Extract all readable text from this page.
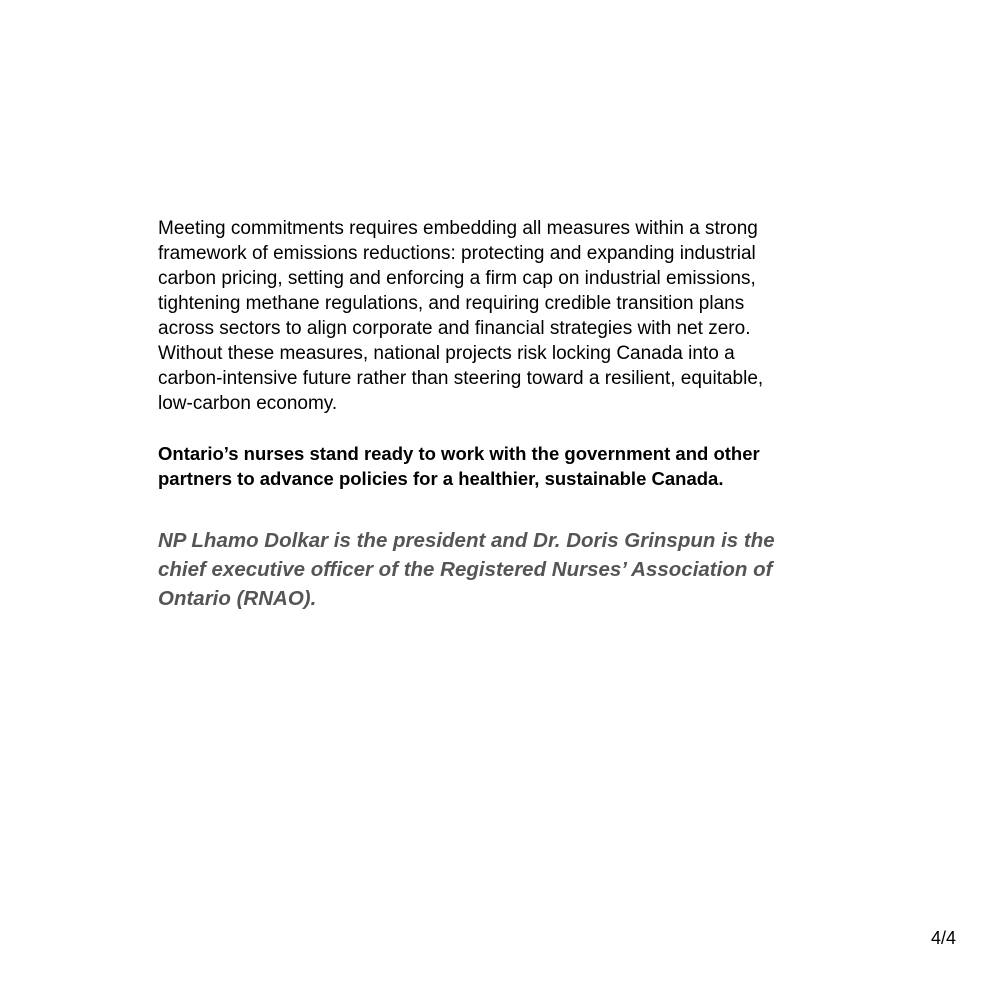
Meeting commitments requires embedding all measures within a strong
framework of emissions reductions: protecting and expanding industrial
carbon pricing, setting and enforcing a firm cap on industrial emissions,
tightening methane regulations, and requiring credible transition plans
across sectors to align corporate and financial strategies with net zero.
Without these measures, national projects risk locking Canada into a
carbon-intensive future rather than steering toward a resilient, equitable,
low-carbon economy.
Ontario’s nurses stand ready to work with the government and other
partners to advance policies for a healthier, sustainable Canada.
NP Lhamo Dolkar is the president and Dr. Doris Grinspun is the
chief executive officer of the Registered Nurses’ Association of
Ontario (RNAO).
4/4
